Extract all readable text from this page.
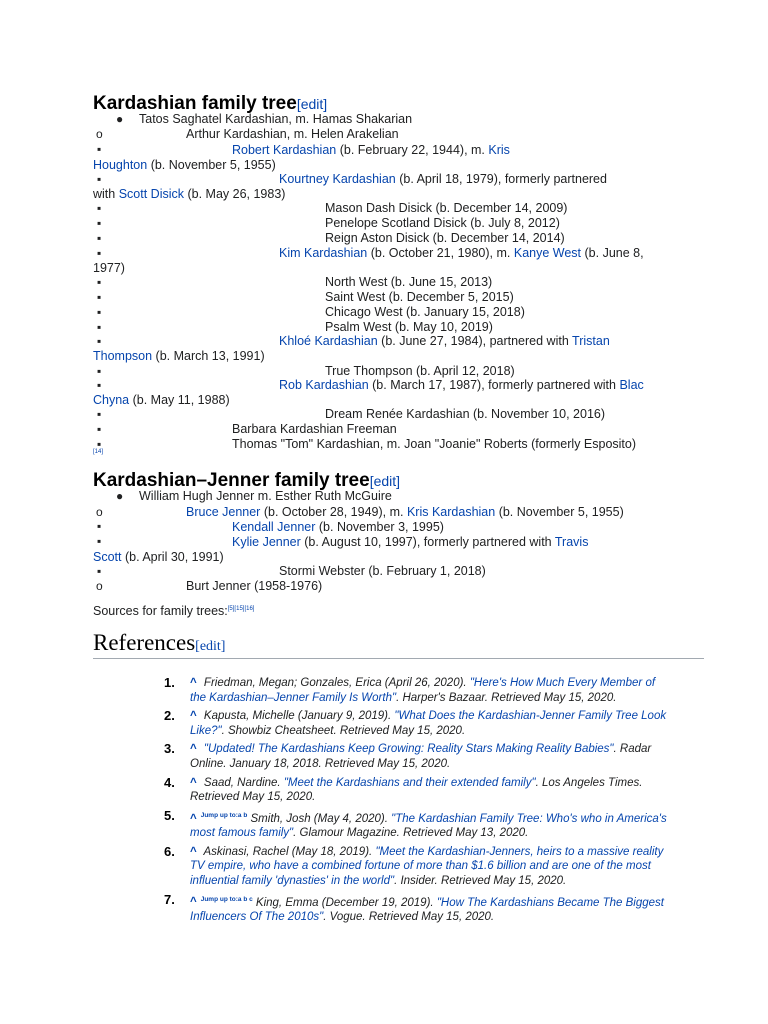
Kardashian family tree[edit]
● Tatos Saghatel Kardashian, m. Hamas Shakarian
o	Arthur Kardashian, m. Helen Arakelian
▪	Robert Kardashian (b. February 22, 1944), m. Kris
Houghton (b. November 5, 1955)
▪	Kourtney Kardashian (b. April 18, 1979), formerly partnered
with Scott Disick (b. May 26, 1983)
▪	Mason Dash Disick (b. December 14, 2009)
▪	Penelope Scotland Disick (b. July 8, 2012)
▪	Reign Aston Disick (b. December 14, 2014)
▪	Kim Kardashian (b. October 21, 1980), m. Kanye West (b. June 8,
1977)
▪	North West (b. June 15, 2013)
▪	Saint West (b. December 5, 2015)
▪	Chicago West (b. January 15, 2018)
▪	Psalm West (b. May 10, 2019)
▪	Khloé Kardashian (b. June 27, 1984), partnered with Tristan
Thompson (b. March 13, 1991)
▪	True Thompson (b. April 12, 2018)
▪	Rob Kardashian (b. March 17, 1987), formerly partnered with Blac
Chyna (b. May 11, 1988)
▪	Dream Renée Kardashian (b. November 10, 2016)
▪	Barbara Kardashian Freeman
▪	Thomas "Tom" Kardashian, m. Joan "Joanie" Roberts (formerly Esposito)
[14]
Kardashian–Jenner family tree[edit]
● William Hugh Jenner m. Esther Ruth McGuire
o	Bruce Jenner (b. October 28, 1949), m. Kris Kardashian (b. November 5, 1955)
▪	Kendall Jenner (b. November 3, 1995)
▪	Kylie Jenner (b. August 10, 1997), formerly partnered with Travis
Scott (b. April 30, 1991)
▪	Stormi Webster (b. February 1, 2018)
o	Burt Jenner (1958-1976)
Sources for family trees:[5][15][16]
References[edit]
1. ^ Friedman, Megan; Gonzales, Erica (April 26, 2020). "Here's How Much Every Member of the Kardashian–Jenner Family Is Worth". Harper's Bazaar. Retrieved May 15, 2020.
2. ^ Kapusta, Michelle (January 9, 2019). "What Does the Kardashian-Jenner Family Tree Look Like?". Showbiz Cheatsheet. Retrieved May 15, 2020.
3. ^ "Updated! The Kardashians Keep Growing: Reality Stars Making Reality Babies". Radar Online. January 18, 2018. Retrieved May 15, 2020.
4. ^ Saad, Nardine. "Meet the Kardashians and their extended family". Los Angeles Times. Retrieved May 15, 2020.
5. ^ $^{Jump up to:a b}$ Smith, Josh (May 4, 2020). "The Kardashian Family Tree: Who's who in America's most famous family". Glamour Magazine. Retrieved May 13, 2020.
6. ^ Askinasi, Rachel (May 18, 2019). "Meet the Kardashian-Jenners, heirs to a massive reality TV empire, who have a combined fortune of more than $1.6 billion and are one of the most influential family 'dynasties' in the world". Insider. Retrieved May 15, 2020.
7. ^ $^{Jump up to:a b c}$ King, Emma (December 19, 2019). "How The Kardashians Became The Biggest Influencers Of The 2010s". Vogue. Retrieved May 15, 2020.
